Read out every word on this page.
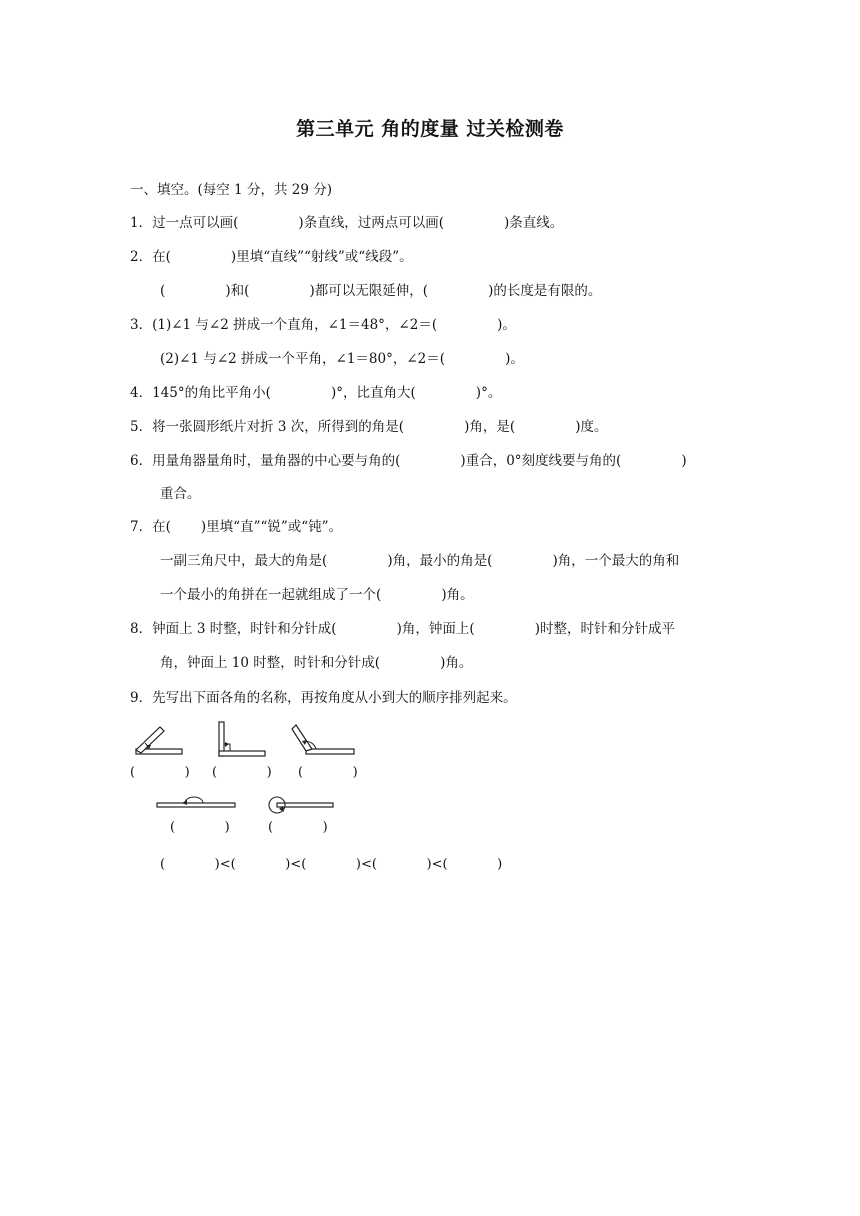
第三单元 角的度量 过关检测卷
一、填空。(每空 1 分，共 29 分)
1．过一点可以画(              )条直线，过两点可以画(              )条直线。
2．在(              )里填“直线”“射线”或“线段”。
(              )和(              )都可以无限延伸，(              )的长度是有限的。
3．(1)∠1 与∠2 拼成一个直角，∠1＝48°，∠2＝(              )。
(2)∠1 与∠2 拼成一个平角，∠1＝80°，∠2＝(              )。
4．145°的角比平角小(              )°，比直角大(              )°。
5．将一张圆形纸片对折 3 次，所得到的角是(              )角，是(              )度。
6．用量角器量角时，量角器的中心要与角的(              )重合，0°刻度线要与角的(              )
重合。
7．在(       )里填“直”“锐”或“钝”。
一副三角尺中，最大的角是(              )角，最小的角是(              )角，一个最大的角和
一个最小的角拼在一起就组成了一个(              )角。
8．钟面上 3 时整，时针和分针成(              )角，钟面上(              )时整，时针和分针成平
角，钟面上 10 时整，时针和分针成(              )角。
9．先写出下面各角的名称，再按角度从小到大的顺序排列起来。
(            ) (            ) (            )
(            )	(            )
(            )<(            )<(            )<(            )<(            )
